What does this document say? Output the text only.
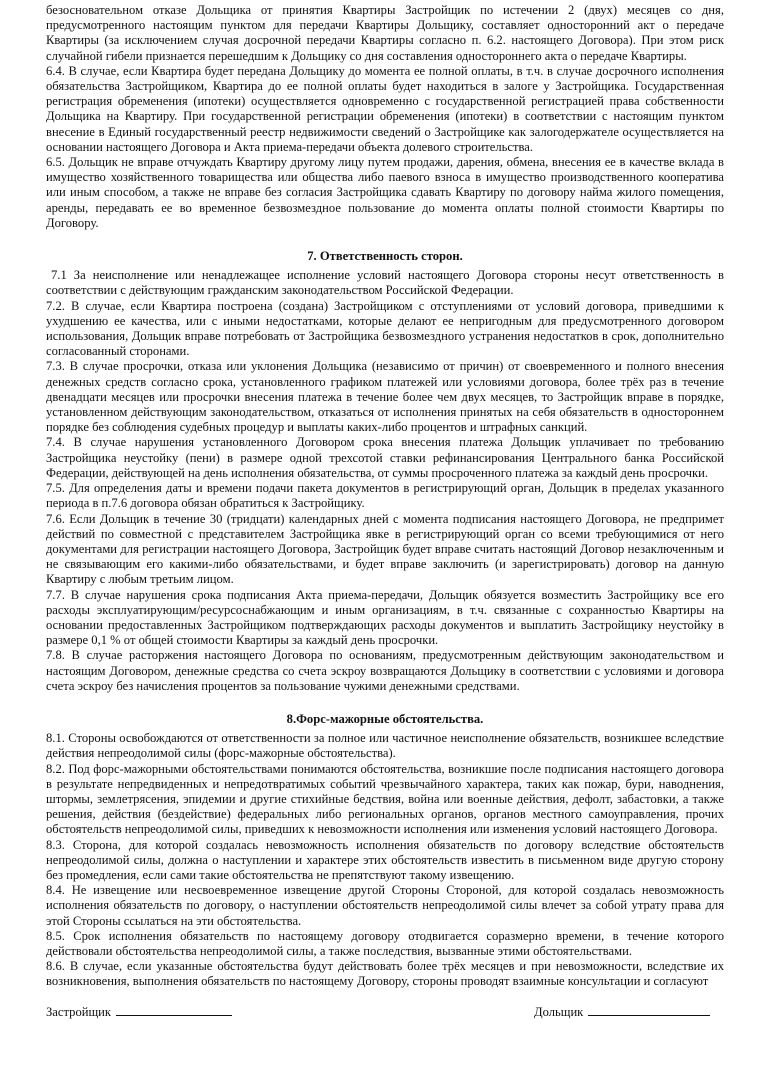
безосновательном отказе Дольщика от принятия Квартиры Застройщик по истечении 2 (двух) месяцев со дня, предусмотренного настоящим пунктом для передачи Квартиры Дольщику, составляет односторонний акт о передаче Квартиры (за исключением случая досрочной передачи Квартиры согласно п. 6.2. настоящего Договора). При этом риск случайной гибели признается перешедшим к Дольщику со дня составления одностороннего акта о передаче Квартиры.

6.4. В случае, если Квартира будет передана Дольщику до момента ее полной оплаты, в т.ч. в случае досрочного исполнения обязательства Застройщиком, Квартира до ее полной оплаты будет находиться в залоге у Застройщика. Государственная регистрация обременения (ипотеки) осуществляется одновременно с государственной регистрацией права собственности Дольщика на Квартиру. При государственной регистрации обременения (ипотеки) в соответствии с настоящим пунктом внесение в Единый государственный реестр недвижимости сведений о Застройщике как залогодержателе осуществляется на основании настоящего Договора и Акта приема-передачи объекта долевого строительства.

6.5. Дольщик не вправе отчуждать Квартиру другому лицу путем продажи, дарения, обмена, внесения ее в качестве вклада в имущество хозяйственного товарищества или общества либо паевого взноса в имущество производственного кооператива или иным способом, а также не вправе без согласия Застройщика сдавать Квартиру по договору найма жилого помещения, аренды, передавать ее во временное безвозмездное пользование до момента оплаты полной стоимости Квартиры по Договору.

7. Ответственность сторон.

7.1 За неисполнение или ненадлежащее исполнение условий настоящего Договора стороны несут ответственность в соответствии с действующим гражданским законодательством Российской Федерации.

7.2. В случае, если Квартира построена (создана) Застройщиком с отступлениями от условий договора, приведшими к ухудшению ее качества, или с иными недостатками, которые делают ее непригодным для предусмотренного договором использования, Дольщик вправе потребовать от Застройщика безвозмездного устранения недостатков в срок, дополнительно согласованный сторонами.

7.3. В случае просрочки, отказа или уклонения Дольщика (независимо от причин) от своевременного и полного внесения денежных средств согласно срока, установленного графиком платежей или условиями договора, более трёх раз в течение двенадцати месяцев или просрочки внесения платежа в течение более чем двух месяцев, то Застройщик вправе в порядке, установленном действующим законодательством, отказаться от исполнения принятых на себя обязательств в одностороннем порядке без соблюдения судебных процедур и выплаты каких-либо процентов и штрафных санкций.

7.4. В случае нарушения установленного Договором срока внесения платежа Дольщик уплачивает по требованию Застройщика неустойку (пени) в размере одной трехсотой ставки рефинансирования Центрального банка Российской Федерации, действующей на день исполнения обязательства, от суммы просроченного платежа за каждый день просрочки.

7.5. Для определения даты и времени подачи пакета документов в регистрирующий орган, Дольщик в пределах указанного периода в п.7.6 договора обязан обратиться к Застройщику.

7.6. Если Дольщик в течение 30 (тридцати) календарных дней с момента подписания настоящего Договора, не предпримет действий по совместной с представителем Застройщика явке в регистрирующий орган со всеми требующимися от него документами для регистрации настоящего Договора, Застройщик будет вправе считать настоящий Договор незаключенным и не связывающим его какими-либо обязательствами, и будет вправе заключить (и зарегистрировать) договор на данную Квартиру с любым третьим лицом.

7.7. В случае нарушения срока подписания Акта приема-передачи, Дольщик обязуется возместить Застройщику все его расходы эксплуатирующим/ресурсоснабжающим и иным организациям, в т.ч. связанные с сохранностью Квартиры на основании предоставленных Застройщиком подтверждающих расходы документов и выплатить Застройщику неустойку в размере 0,1 % от общей стоимости Квартиры за каждый день просрочки.

7.8. В случае расторжения настоящего Договора по основаниям, предусмотренным действующим законодательством и настоящим Договором, денежные средства со счета эскроу возвращаются Дольщику в соответствии с условиями и договора счета эскроу без начисления процентов за пользование чужими денежными средствами.

8.Форс-мажорные обстоятельства.

8.1. Стороны освобождаются от ответственности за полное или частичное неисполнение обязательств, возникшее вследствие действия непреодолимой силы (форс-мажорные обстоятельства).

8.2. Под форс-мажорными обстоятельствами понимаются обстоятельства, возникшие после подписания настоящего договора в результате непредвиденных и непредотвратимых событий чрезвычайного характера, таких как пожар, бури, наводнения, штормы, землетрясения, эпидемии и другие стихийные бедствия, война или военные действия, дефолт, забастовки, а также решения, действия (бездействие) федеральных либо региональных органов, органов местного самоуправления, прочих обстоятельств непреодолимой силы, приведших к невозможности исполнения или изменения условий настоящего Договора.

8.3. Сторона, для которой создалась невозможность исполнения обязательств по договору вследствие обстоятельств непреодолимой силы, должна о наступлении и характере этих обстоятельств известить в письменном виде другую сторону без промедления, если сами такие обстоятельства не препятствуют такому извещению.

8.4. Не извещение или несвоевременное извещение другой Стороны Стороной, для которой создалась невозможность исполнения обязательств по договору, о наступлении обстоятельств непреодолимой силы влечет за собой утрату права для этой Стороны ссылаться на эти обстоятельства.

8.5. Срок исполнения обязательств по настоящему договору отодвигается соразмерно времени, в течение которого действовали обстоятельства непреодолимой силы, а также последствия, вызванные этими обстоятельствами.

8.6. В случае, если указанные обстоятельства будут действовать более трёх месяцев и при невозможности, вследствие их возникновения, выполнения обязательств по настоящему Договору, стороны проводят взаимные консультации и согласуют

Застройщик	Дольщик
